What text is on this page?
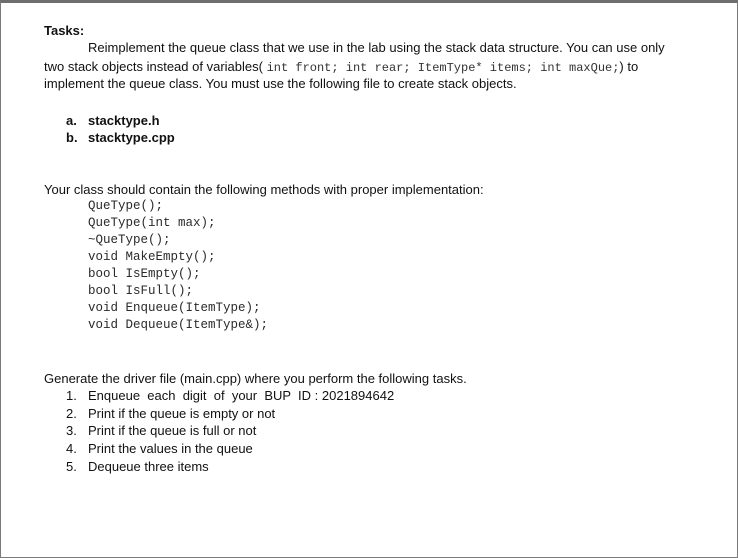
Tasks:
Reimplement the queue class that we use in the lab using the stack data structure. You can use only
two stack objects instead of variables( int front; int rear; ItemType* items; int maxQue;) to
implement the queue class. You must use the following file to create stack objects.
a. stacktype.h
b. stacktype.cpp
Your class should contain the following methods with proper implementation:
QueType();
QueType(int max);
~QueType();
void MakeEmpty();
bool IsEmpty();
bool IsFull();
void Enqueue(ItemType);
void Dequeue(ItemType&);
Generate the driver file (main.cpp) where you perform the following tasks.
1. Enqueue  each  digit  of  your  BUP  ID : 2021894642
2. Print if the queue is empty or not
3. Print if the queue is full or not
4. Print the values in the queue
5. Dequeue three items
